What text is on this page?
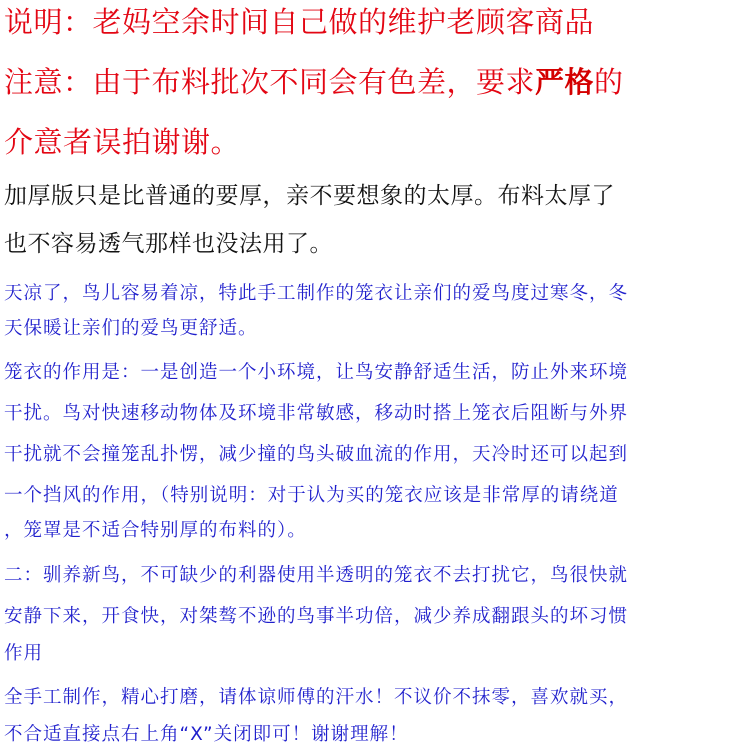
说明：老妈空余时间自己做的维护老顾客商品

注意：由于布料批次不同会有色差，要求严格的

介意者误拍谢谢。

加厚版只是比普通的要厚，亲不要想象的太厚。布料太厚了

也不容易透气那样也没法用了。

天凉了，鸟儿容易着凉，特此手工制作的笼衣让亲们的爱鸟度过寒冬，冬

天保暖让亲们的爱鸟更舒适。

笼衣的作用是：一是创造一个小环境，让鸟安静舒适生活，防止外来环境

干扰。鸟对快速移动物体及环境非常敏感，移动时搭上笼衣后阻断与外界

干扰就不会撞笼乱扑愣，减少撞的鸟头破血流的作用，天冷时还可以起到

一个挡风的作用，（特别说明：对于认为买的笼衣应该是非常厚的请绕道

，笼罩是不适合特别厚的布料的）。

二：驯养新鸟，不可缺少的利器使用半透明的笼衣不去打扰它，鸟很快就

安静下来，开食快，对桀骜不逊的鸟事半功倍，减少养成翻跟头的坏习惯

作用

全手工制作，精心打磨，请体谅师傅的汗水！不议价不抹零，喜欢就买，

不合适直接点右上角“X”关闭即可！谢谢理解！
